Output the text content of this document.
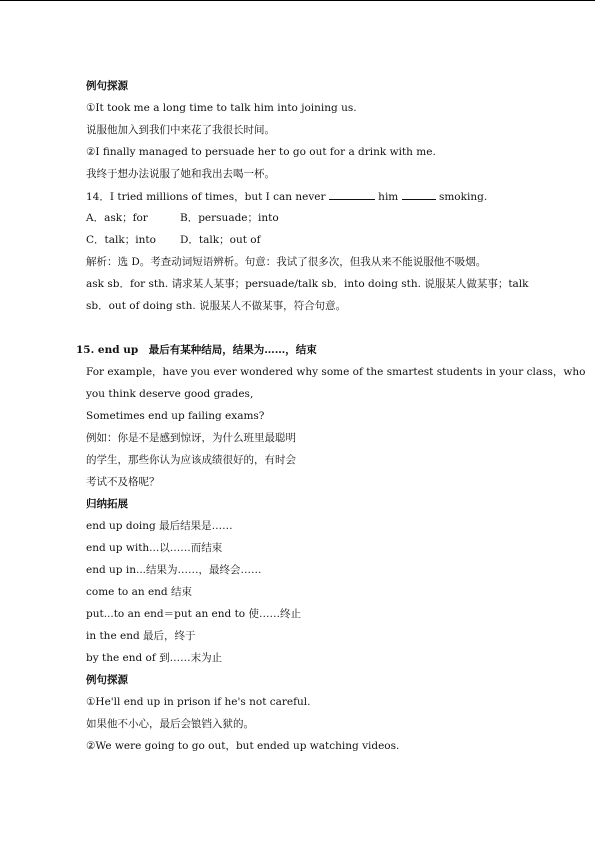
例句探源
①It took me a long time to talk him into joining us.
说服他加入到我们中来花了我很长时间。
②I finally managed to persuade her to go out for a drink with me.
我终于想办法说服了她和我出去喝一杯。
14．I tried millions of times，but I can never	him	smoking.
A．ask；for	B．persuade；into
C．talk；into D．talk；out of
解析：选 D。考查动词短语辨析。句意：我试了很多次，但我从来不能说服他不吸烟。
ask sb．for sth. 请求某人某事；persuade/talk sb．into doing sth. 说服某人做某事；talk
sb．out of doing sth. 说服某人不做某事，符合句意。
15. end up　最后有某种结局，结果为……，结束
For example，have you ever wondered why some of the smartest students in your class，who
you think deserve good grades,
Sometimes end up failing exams?
例如：你是不是感到惊讶，为什么班里最聪明
的学生，那些你认为应该成绩很好的，有时会
考试不及格呢？
归纳拓展
end up doing 最后结果是……
end up with...以……而结束
end up in...结果为……，最终会……
come to an end 结束
put...to an end＝put an end to 使……终止
in the end 最后，终于
by the end of 到……末为止
例句探源
①He'll end up in prison if he's not careful.
如果他不小心，最后会锒铛入狱的。
②We were going to go out，but ended up watching videos.
